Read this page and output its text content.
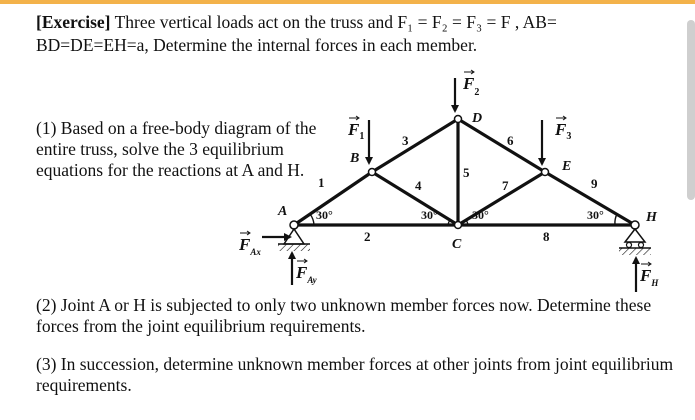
[Exercise] Three vertical loads act on the truss and F₁ = F₂ = F₃ = F , AB=
BD=DE=EH=a, Determine the internal forces in each member.
(1) Based on a free-body diagram of the entire truss, solve the 3 equilibrium equations for the reactions at A and H.
(2) Joint A or H is subjected to only two unknown member forces now. Determine these forces from the joint equilibrium requirements.
(3) In succession, determine unknown member forces at other joints from joint equilibrium requirements.
$F_1$
$F_2$
$F_3$
$F_{Ax}$
$F_{Ay}$	$F_H$
A
B
C
D
E
H
1
2
3
4
5
6
7
8
9
30°	30°	30°	30°
